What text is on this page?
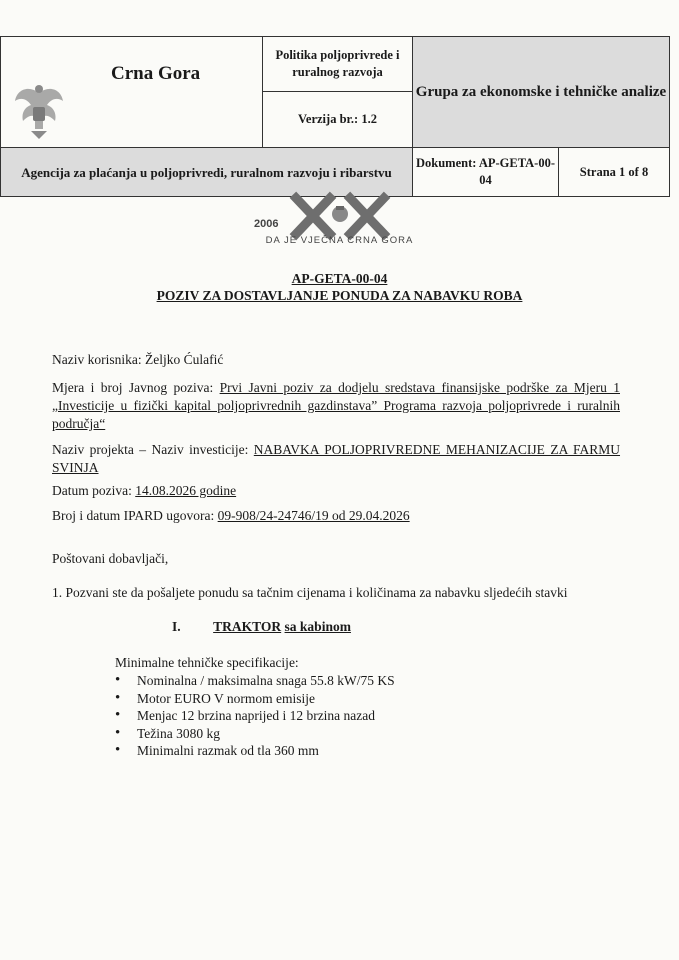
Crna Gora
Politika poljoprivrede i ruralnog razvoja
Verzija br.: 1.2
Grupa za ekonomske i tehničke analize
Agencija za plaćanja u poljoprivredi, ruralnom razvoju i ribarstvu
Dokument: AP-GETA-00-04
Strana 1 of 8
2006
DA JE VJEČNA CRNA GORA
AP-GETA-00-04
POZIV ZA DOSTAVLJANJE PONUDA ZA NABAVKU ROBA
Naziv korisnika: Željko Ćulafić
Mjera i broj Javnog poziva: Prvi Javni poziv za dodjelu sredstava finansijske podrške za Mjeru 1 „Investicije u fizički kapital poljoprivrednih gazdinstava” Programa razvoja poljoprivrede i ruralnih područja“
Naziv projekta – Naziv investicije: NABAVKA POLJOPRIVREDNE MEHANIZACIJE ZA FARMU SVINJA
Datum poziva: 14.08.2026 godine
Broj i datum IPARD ugovora: 09-908/24-24746/19 od 29.04.2026
Poštovani dobavljači,
1. Pozvani ste da pošaljete ponudu sa tačnim cijenama i količinama za nabavku sljedećih stavki
I. TRAKTOR sa kabinom
Minimalne tehničke specifikacije:
• Nominalna / maksimalna snaga 55.8 kW/75 KS
• Motor EURO V normom emisije
• Menjac 12 brzina naprijed i 12 brzina nazad
• Težina 3080 kg
• Minimalni razmak od tla 360 mm
